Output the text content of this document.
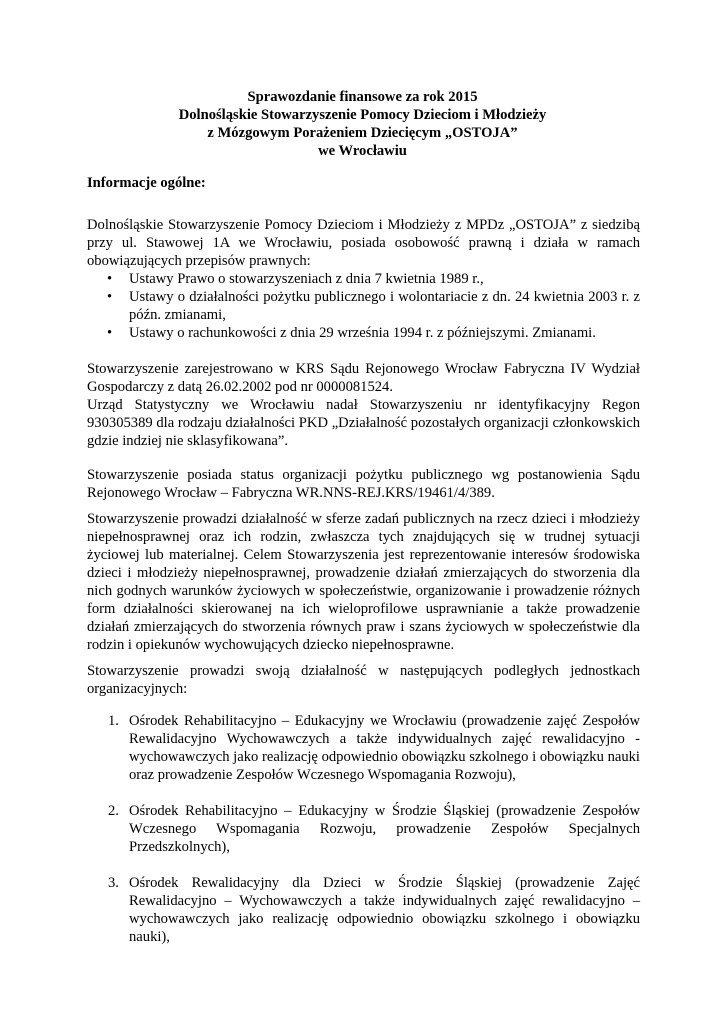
Sprawozdanie finansowe za rok 2015
Dolnośląskie Stowarzyszenie Pomocy Dzieciom i Młodzieży
z Mózgowym Porażeniem Dziecięcym „OSTOJA”
we Wrocławiu
Informacje ogólne:

Dolnośląskie Stowarzyszenie Pomocy Dzieciom i Młodzieży z MPDz „OSTOJA” z siedzibą przy ul. Stawowej 1A we Wrocławiu, posiada osobowość prawną i działa w ramach obowiązujących przepisów prawnych:

• Ustawy Prawo o stowarzyszeniach z dnia 7 kwietnia 1989 r.,
• Ustawy o działalności pożytku publicznego i wolontariacie z dn. 24 kwietnia 2003 r. z późn. zmianami,
• Ustawy o rachunkowości z dnia 29 września 1994 r. z późniejszymi. Zmianami.

Stowarzyszenie zarejestrowano w KRS Sądu Rejonowego Wrocław Fabryczna IV Wydział Gospodarczy z datą 26.02.2002 pod nr 0000081524.

Urząd Statystyczny we Wrocławiu nadał Stowarzyszeniu nr identyfikacyjny Regon 930305389 dla rodzaju działalności PKD „Działalność pozostałych organizacji członkowskich gdzie indziej nie sklasyfikowana”.

Stowarzyszenie posiada status organizacji pożytku publicznego wg postanowienia Sądu Rejonowego Wrocław – Fabryczna WR.NNS-REJ.KRS/19461/4/389.

Stowarzyszenie prowadzi działalność w sferze zadań publicznych na rzecz dzieci i młodzieży niepełnosprawnej oraz ich rodzin, zwłaszcza tych znajdujących się w trudnej sytuacji życiowej lub materialnej. Celem Stowarzyszenia jest reprezentowanie interesów środowiska dzieci i młodzieży niepełnosprawnej, prowadzenie działań zmierzających do stworzenia dla nich godnych warunków życiowych w społeczeństwie, organizowanie i prowadzenie różnych form działalności skierowanej na ich wieloprofilowe usprawnianie a także prowadzenie działań zmierzających do stworzenia równych praw i szans życiowych w społeczeństwie dla rodzin i opiekunów wychowujących dziecko niepełnosprawne.

Stowarzyszenie prowadzi swoją działalność w następujących podległych jednostkach organizacyjnych:

1. Ośrodek Rehabilitacyjno – Edukacyjny we Wrocławiu (prowadzenie zajęć Zespołów Rewalidacyjno Wychowawczych a także indywidualnych zajęć rewalidacyjno - wychowawczych jako realizację odpowiednio obowiązku szkolnego i obowiązku nauki oraz prowadzenie Zespołów Wczesnego Wspomagania Rozwoju),
2. Ośrodek Rehabilitacyjno – Edukacyjny w Środzie Śląskiej (prowadzenie Zespołów Wczesnego Wspomagania Rozwoju, prowadzenie Zespołów Specjalnych Przedszkolnych),
3. Ośrodek Rewalidacyjny dla Dzieci w Środzie Śląskiej (prowadzenie Zajęć Rewalidacyjno – Wychowawczych a także indywidualnych zajęć rewalidacyjno – wychowawczych jako realizację odpowiednio obowiązku szkolnego i obowiązku nauki),
